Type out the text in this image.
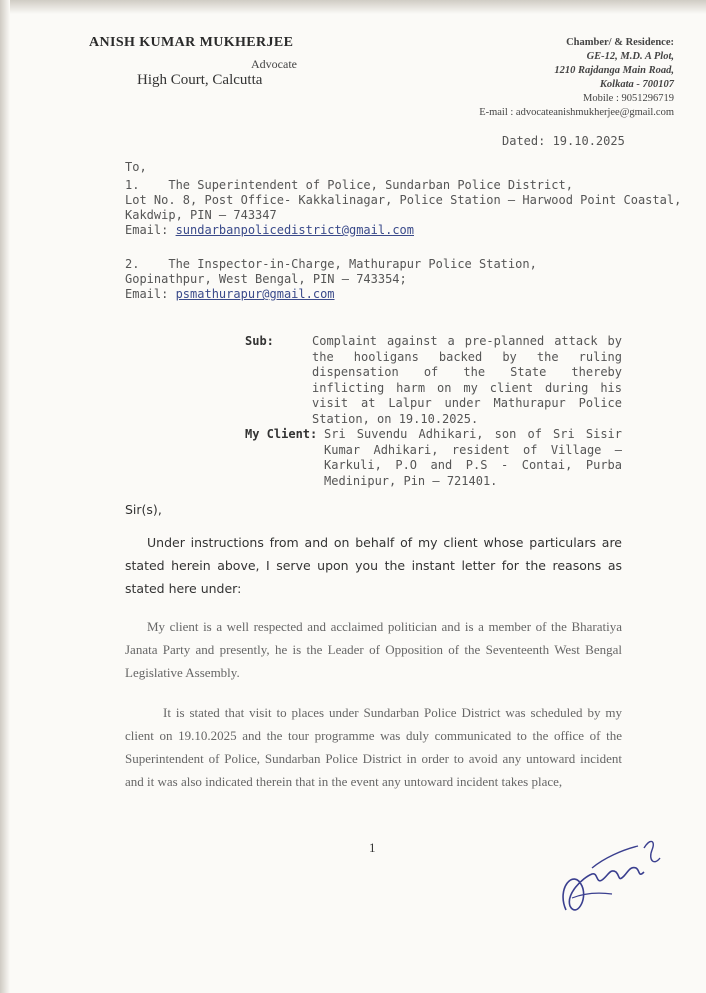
ANISH KUMAR MUKHERJEE
Advocate
High Court, Calcutta
Chamber/ & Residence:
GE-12, M.D. A Plot,
1210 Rajdanga Main Road,
Kolkata - 700107
Mobile : 9051296719
E-mail : advocateanishmukherjee@gmail.com
Dated: 19.10.2025
To,
1.    The Superintendent of Police, Sundarban Police District,
Lot No. 8, Post Office- Kakkalinagar, Police Station – Harwood Point Coastal,
Kakdwip, PIN – 743347
Email: sundarbanpolicedistrict@gmail.com
2.    The Inspector-in-Charge, Mathurapur Police Station,
Gopinathpur, West Bengal, PIN – 743354;
Email: psmathurapur@gmail.com
Sub:	Complaint against a pre-planned attack by the hooligans backed by the ruling dispensation of the State thereby inflicting harm on my client during his visit at Lalpur under Mathurapur Police Station, on 19.10.2025.
My Client: Sri Suvendu Adhikari, son of Sri Sisir Kumar Adhikari, resident of Village – Karkuli, P.O and P.S - Contai, Purba Medinipur, Pin – 721401.
Sir(s),
Under instructions from and on behalf of my client whose particulars are stated herein above, I serve upon you the instant letter for the reasons as stated here under:
My client is a well respected and acclaimed politician and is a member of the Bharatiya Janata Party and presently, he is the Leader of Opposition of the Seventeenth West Bengal Legislative Assembly.
It is stated that visit to places under Sundarban Police District was scheduled by my client on 19.10.2025 and the tour programme was duly communicated to the office of the Superintendent of Police, Sundarban Police District in order to avoid any untoward incident and it was also indicated therein that in the event any untoward incident takes place,
1
